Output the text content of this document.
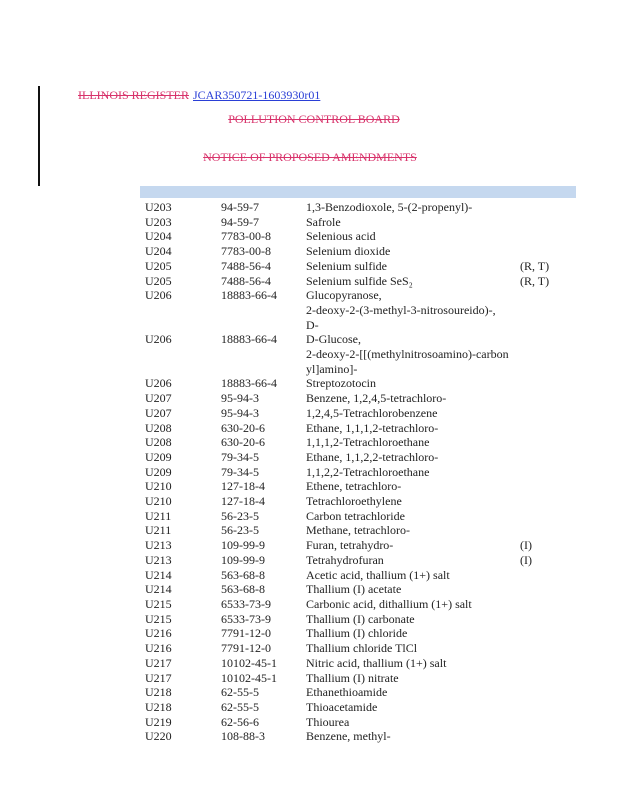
ILLINOIS REGISTER JCAR350721-1603930r01
POLLUTION CONTROL BOARD
NOTICE OF PROPOSED AMENDMENTS
U203	94-59-7	1,3-Benzodioxole, 5-(2-propenyl)-
U203	94-59-7	Safrole
U204	7783-00-8	Selenious acid
U204	7783-00-8	Selenium dioxide
U205	7488-56-4	Selenium sulfide	(R, T)
U205	7488-56-4	Selenium sulfide SeS₂	(R, T)
U206	18883-66-4	Glucopyranose,
2-deoxy-2-(3-methyl-3-nitrosoureido)-,
D-
U206	18883-66-4	D-Glucose,
2-deoxy-2-[[(methylnitrosoamino)-carbon
yl]amino]-
U206	18883-66-4	Streptozotocin
U207	95-94-3	Benzene, 1,2,4,5-tetrachloro-
U207	95-94-3	1,2,4,5-Tetrachlorobenzene
U208	630-20-6	Ethane, 1,1,1,2-tetrachloro-
U208	630-20-6	1,1,1,2-Tetrachloroethane
U209	79-34-5	Ethane, 1,1,2,2-tetrachloro-
U209	79-34-5	1,1,2,2-Tetrachloroethane
U210	127-18-4	Ethene, tetrachloro-
U210	127-18-4	Tetrachloroethylene
U211	56-23-5	Carbon tetrachloride
U211	56-23-5	Methane, tetrachloro-
U213	109-99-9	Furan, tetrahydro-	(I)
U213	109-99-9	Tetrahydrofuran	(I)
U214	563-68-8	Acetic acid, thallium (1+) salt
U214	563-68-8	Thallium (I) acetate
U215	6533-73-9	Carbonic acid, dithallium (1+) salt
U215	6533-73-9	Thallium (I) carbonate
U216	7791-12-0	Thallium (I) chloride
U216	7791-12-0	Thallium chloride TlCl
U217	10102-45-1	Nitric acid, thallium (1+) salt
U217	10102-45-1	Thallium (I) nitrate
U218	62-55-5	Ethanethioamide
U218	62-55-5	Thioacetamide
U219	62-56-6	Thiourea
U220	108-88-3	Benzene, methyl-
